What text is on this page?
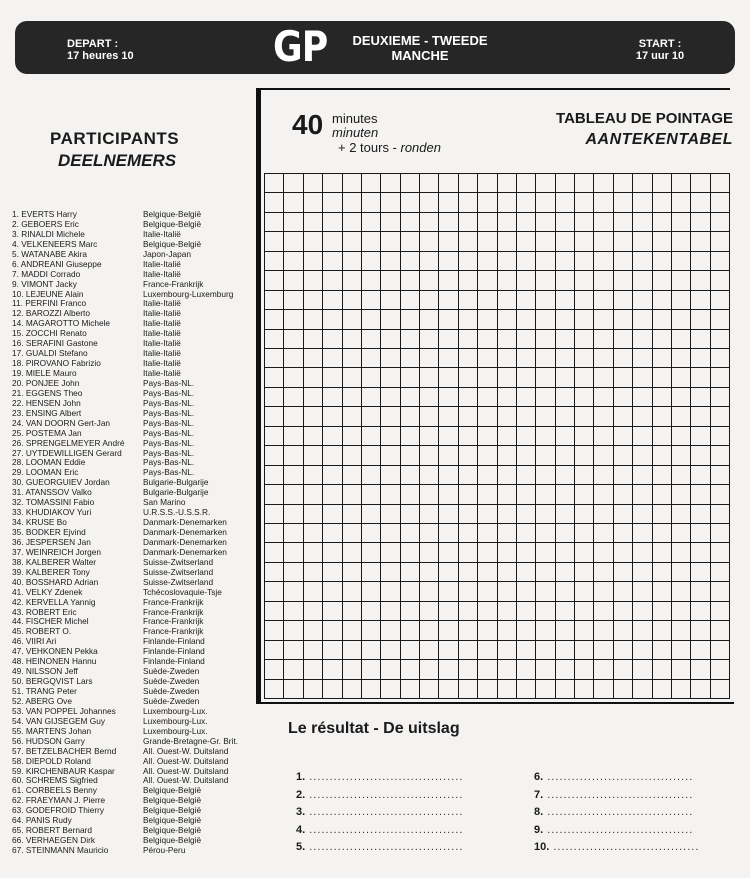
DEPART :
17 heures 10	GP	DEUXIEME - TWEEDE
MANCHE
START :
17 uur 10
PARTICIPANTS
DEELNEMERS
1. EVERTS Harry	Belgique-België
2. GEBOERS Eric	Belgique-België
3. RINALDI Michele	Italie-Italië
4. VELKENEERS Marc	Belgique-België
5. WATANABE Akira	Japon-Japan
6. ANDREANI Giuseppe	Italie-Italië
7. MADDI Corrado	Italie-Italië
9. VIMONT Jacky	France-Frankrijk
10. LEJEUNE Alain	Luxembourg-Luxemburg
11. PERFINI Franco	Italie-Italië
12. BAROZZI Alberto	Italie-Italië
14. MAGAROTTO Michele	Italie-Italië
15. ZOCCHI Renato	Italie-Italië
16. SERAFINI Gastone	Italie-Italië
17. GUALDI Stefano	Italie-Italië
18. PIROVANO Fabrizio	Italie-Italië
19. MIELE Mauro	Italie-Italië
20. PONJEE John	Pays-Bas-NL.
21. EGGENS Theo	Pays-Bas-NL.
22. HENSEN John	Pays-Bas-NL.
23. ENSING Albert	Pays-Bas-NL.
24. VAN DOORN Gert-Jan	Pays-Bas-NL.
25. POSTEMA Jan	Pays-Bas-NL.
26. SPRENGELMEYER André	Pays-Bas-NL.
27. UYTDEWILLIGEN Gerard	Pays-Bas-NL.
28. LOOMAN Eddie	Pays-Bas-NL.
29. LOOMAN Eric	Pays-Bas-NL.
30. GUEORGUIEV Jordan	Bulgarie-Bulgarije
31. ATANSSOV Valko	Bulgarie-Bulgarije
32. TOMASSINI Fabio	San Marino
33. KHUDIAKOV Yuri	U.R.S.S.-U.S.S.R.
34. KRUSE Bo	Danmark-Denemarken
35. BODKER Ejvind	Danmark-Denemarken
36. JESPERSEN Jan	Danmark-Denemarken
37. WEINREICH Jorgen	Danmark-Denemarken
38. KALBERER Walter	Suisse-Zwitserland
39. KALBERER Tony	Suisse-Zwitserland
40. BOSSHARD Adrian	Suisse-Zwitserland
41. VELKY Zdenek	Tchécoslovaquie-Tsje
42. KERVELLA Yannig	France-Frankrijk
43. ROBERT Eric	France-Frankrijk
44. FISCHER Michel	France-Frankrijk
45. ROBERT O.	France-Frankrijk
46. VIIRI Ari	Finlande-Finland
47. VEHKONEN Pekka	Finlande-Finland
48. HEINONEN Hannu	Finlande-Finland
49. NILSSON Jeff	Suède-Zweden
50. BERGQVIST Lars	Suède-Zweden
51. TRANG Peter	Suède-Zweden
52. ABERG Ove	Suède-Zweden
53. VAN POPPEL Johannes	Luxembourg-Lux.
54. VAN GIJSEGEM Guy	Luxembourg-Lux.
55. MARTENS Johan	Luxembourg-Lux.
56. HUDSON Garry	Grande-Bretagne-Gr. Brit.
57. BETZELBACHER Bernd	All. Ouest-W. Duitsland
58. DIEPOLD Roland	All. Ouest-W. Duitsland
59. KIRCHENBAUR Kaspar	All. Ouest-W. Duitsland
60. SCHREMS Sigfried	All. Ouest-W. Duitsland
61. CORBEELS Benny	Belgique-België
62. FRAEYMAN J. Pierre	Belgique-België
63. GODEFROID Thierry	Belgique-België
64. PANIS Rudy	Belgique-België
65. ROBERT Bernard	Belgique-België
66. VERHAEGEN Dirk	Belgique-België
67. STEINMANN Mauricio	Pérou-Peru
40 minutes
minuten
+ 2 tours - ronden
TABLEAU DE POINTAGE
AANTEKENTABEL
Le résultat - De uitslag
1. ......................................
2. ......................................
3. ......................................
4. ......................................
5. ......................................
6. ....................................
7. ....................................
8. ....................................
9. ....................................
10. ....................................
